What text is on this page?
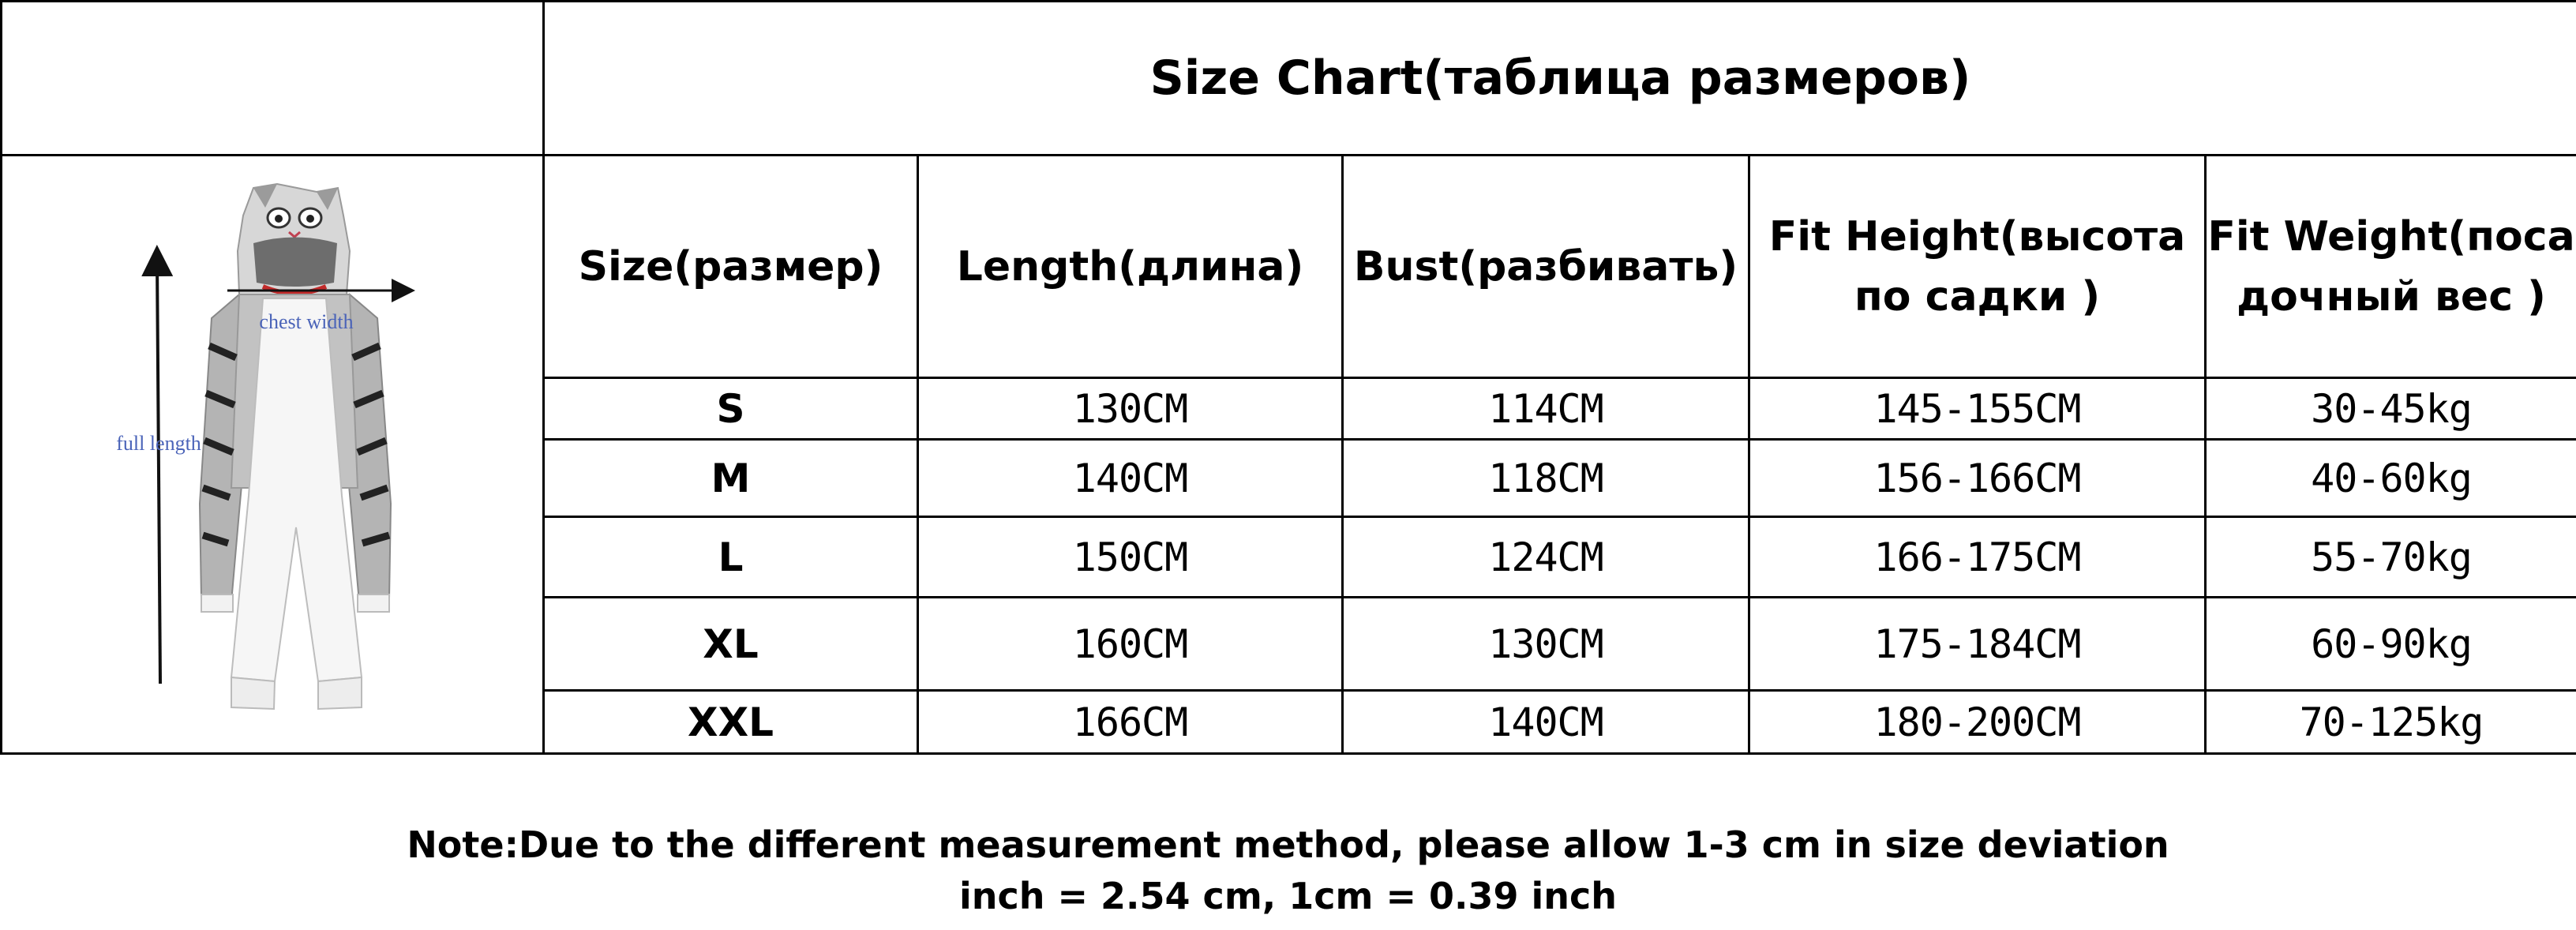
	Size Chart(таблица размеров)				

chest width
full length	Size(размер)	Length(длина)	Bust(разбивать)	Fit Height(высота по садки )	Fit Weight(поса дочный вес )
	S	130CM	114CM	145-155CM	30-45kg
	M	140CM	118CM	156-166CM	40-60kg
	L	150CM	124CM	166-175CM	55-70kg
	XL	160CM	130CM	175-184CM	60-90kg
	XXL	166CM	140CM	180-200CM	70-125kg
Note:Due to the different measurement method, please allow 1-3 cm in size deviation
inch = 2.54 cm, 1cm = 0.39 inch
